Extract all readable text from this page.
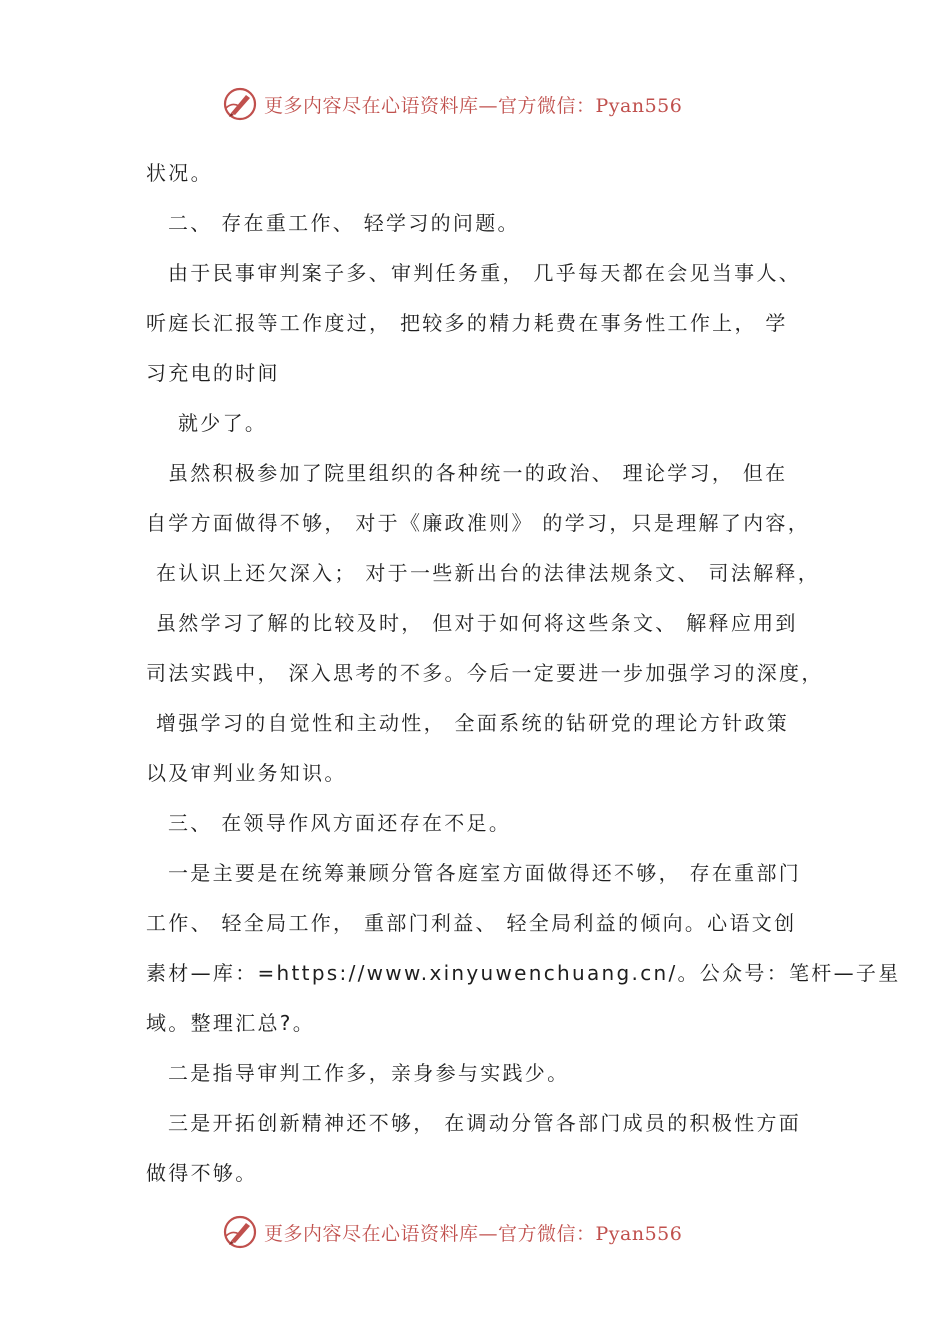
更多内容尽在心语资料库—官方微信：Pyan556
状况。
二、 存在重工作、 轻学习的问题。
由于民事审判案子多、审判任务重， 几乎每天都在会见当事人、
听庭长汇报等工作度过， 把较多的精力耗费在事务性工作上， 学
习充电的时间
就少了。
虽然积极参加了院里组织的各种统一的政治、 理论学习， 但在
自学方面做得不够， 对于《廉政准则》 的学习，只是理解了内容，
在认识上还欠深入； 对于一些新出台的法律法规条文、 司法解释，
虽然学习了解的比较及时， 但对于如何将这些条文、 解释应用到
司法实践中， 深入思考的不多。今后一定要进一步加强学习的深度，
增强学习的自觉性和主动性， 全面系统的钻研党的理论方针政策
以及审判业务知识。
三、 在领导作风方面还存在不足。
一是主要是在统筹兼顾分管各庭室方面做得还不够， 存在重部门
工作、 轻全局工作， 重部门利益、 轻全局利益的倾向。心语文创
素材—库：=https://www.xinyuwenchuang.cn/。公众号：笔杆—子星
域。整理汇总?。
二是指导审判工作多，亲身参与实践少。
三是开拓创新精神还不够， 在调动分管各部门成员的积极性方面
做得不够。
更多内容尽在心语资料库—官方微信：Pyan556
